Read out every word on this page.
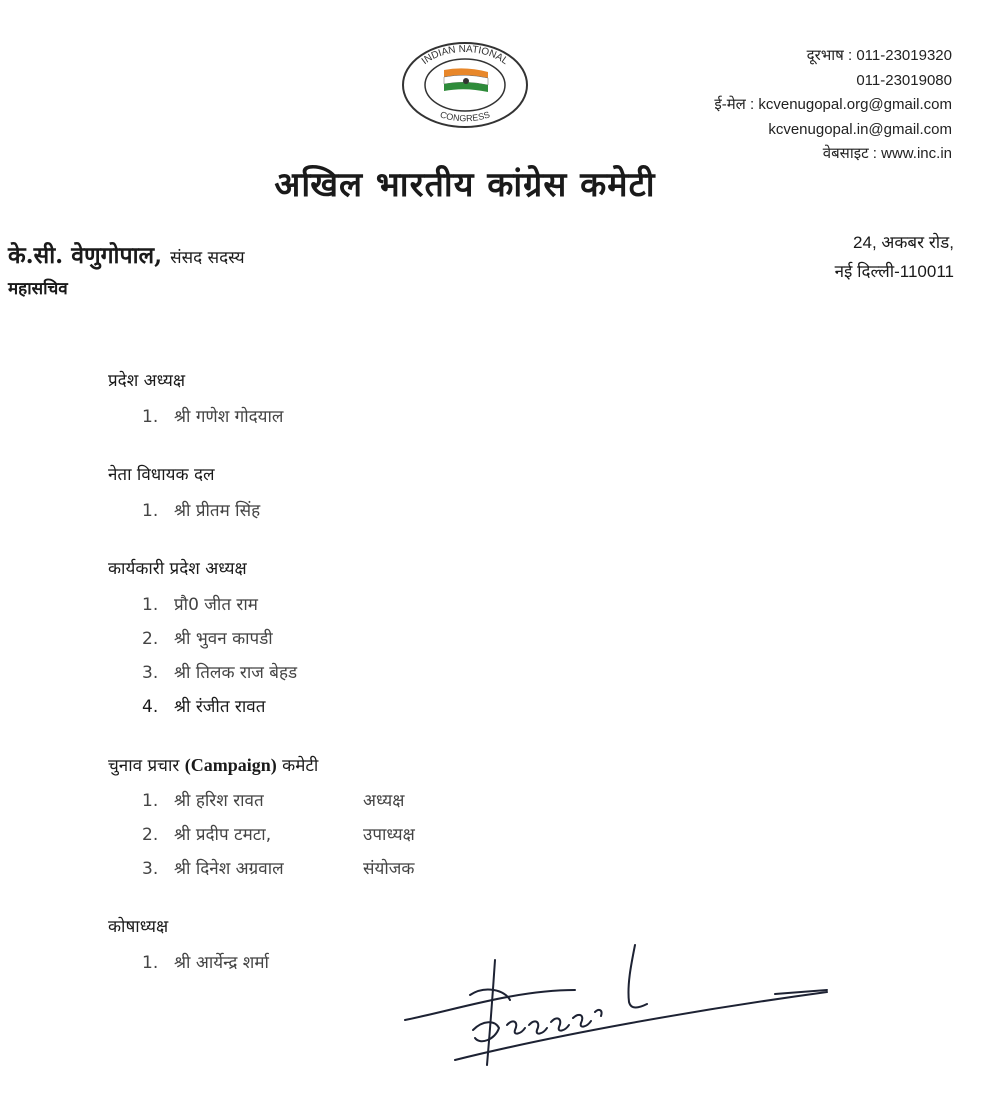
INDIAN NATIONAL
CONGRESS
दूरभाष : 011-23019320
011-23019080
ई-मेल : kcvenugopal.org@gmail.com
kcvenugopal.in@gmail.com
वेबसाइट : www.inc.in
अखिल भारतीय कांग्रेस कमेटी
के.सी. वेणुगोपाल, संसद सदस्य
महासचिव
24, अकबर रोड,
नई दिल्ली-110011
प्रदेश अध्यक्ष
1. श्री गणेश गोदयाल
नेता विधायक दल
1. श्री प्रीतम सिंह
कार्यकारी प्रदेश अध्यक्ष
1. प्रौ0 जीत राम
2. श्री भुवन कापडी
3. श्री तिलक राज बेहड
4. श्री रंजीत रावत
चुनाव प्रचार (Campaign) कमेटी
1. श्री हरिश रावत	अध्यक्ष
2. श्री प्रदीप टमटा,	उपाध्यक्ष
3. श्री दिनेश अग्रवाल	संयोजक
कोषाध्यक्ष
1. श्री आर्येन्द्र शर्मा
